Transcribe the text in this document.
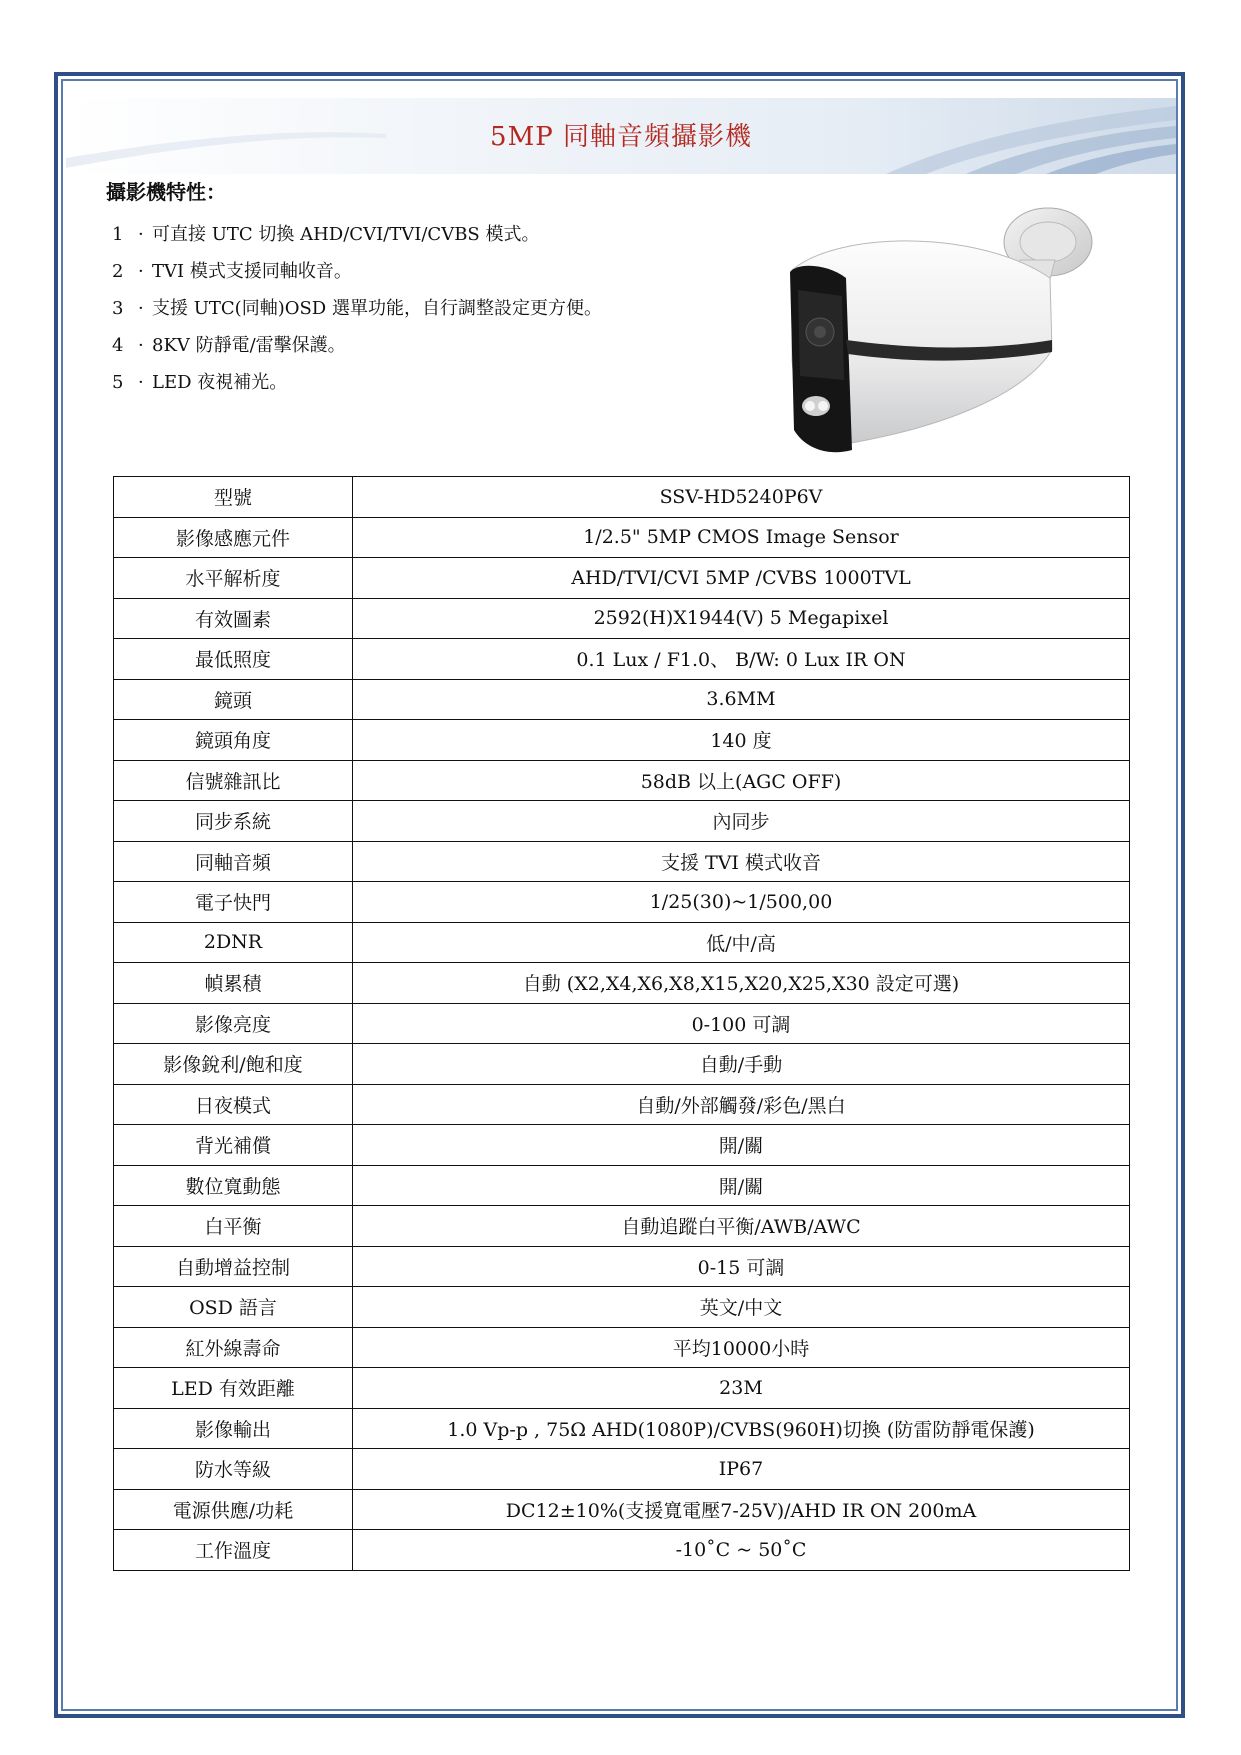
5MP 同軸音頻攝影機
攝影機特性：
1 · 可直接 UTC 切換 AHD/CVI/TVI/CVBS 模式。
2 · TVI 模式支援同軸收音。
3 · 支援 UTC(同軸)OSD 選單功能，自行調整設定更方便。
4 · 8KV 防靜電/雷擊保護。
5 · LED 夜視補光。
型號	SSV-HD5240P6V
影像感應元件	1/2.5" 5MP CMOS Image Sensor
水平解析度	AHD/TVI/CVI 5MP /CVBS 1000TVL
有效圖素	2592(H)X1944(V) 5 Megapixel
最低照度	0.1 Lux / F1.0、 B/W: 0 Lux IR ON
鏡頭	3.6MM
鏡頭角度	140 度
信號雜訊比	58dB 以上(AGC OFF)
同步系統	內同步
同軸音頻	支援 TVI 模式收音
電子快門	1/25(30)~1/500,00
2DNR	低/中/高
幀累積	自動 (X2,X4,X6,X8,X15,X20,X25,X30 設定可選)
影像亮度	0-100 可調
影像銳利/飽和度	自動/手動
日夜模式	自動/外部觸發/彩色/黑白
背光補償	開/關
數位寬動態	開/關
白平衡	自動追蹤白平衡/AWB/AWC
自動增益控制	0-15 可調
OSD 語言	英文/中文
紅外線壽命	平均10000小時
LED 有效距離	23M
影像輸出	1.0 Vp-p , 75Ω AHD(1080P)/CVBS(960H)切換 (防雷防靜電保護)
防水等級	IP67
電源供應/功耗	DC12±10%(支援寬電壓7-25V)/AHD IR ON 200mA
工作溫度	-10˚C ~ 50˚C
